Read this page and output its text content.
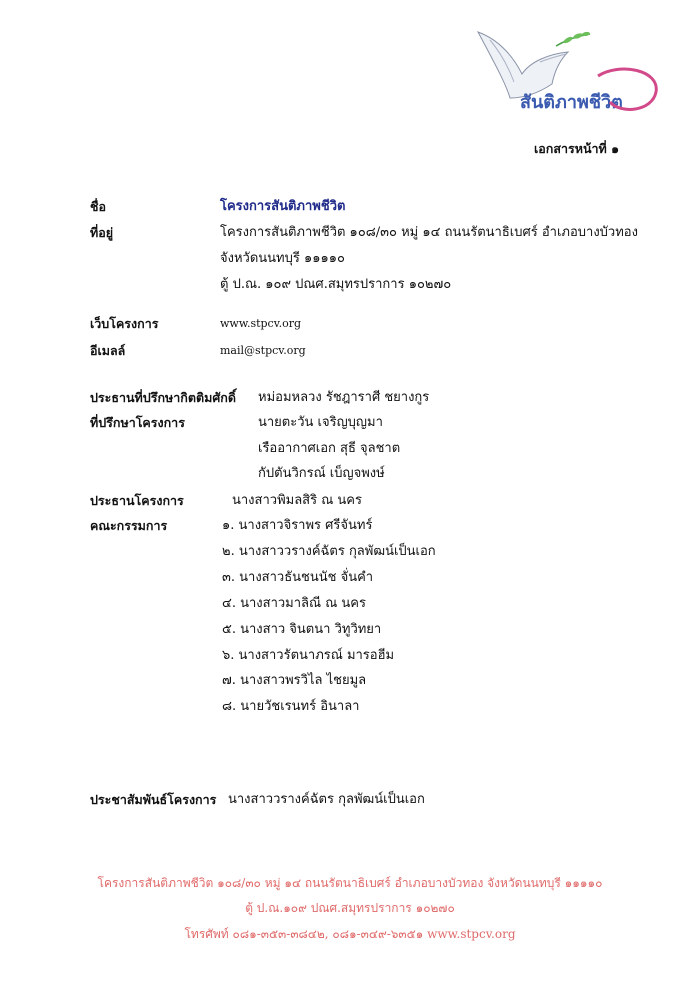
สันติภาพชีวิต
เอกสารหน้าที่ ๑
ชื่อ	โครงการสันติภาพชีวิต
ที่อยู่	โครงการสันติภาพชีวิต ๑๐๘/๓๐ หมู่ ๑๔ ถนนรัตนาธิเบศร์ อำเภอบางบัวทอง
จังหวัดนนทบุรี ๑๑๑๑๐
ตู้ ป.ณ. ๑๐๙ ปณศ.สมุทรปราการ ๑๐๒๗๐
เว็บโครงการ	www.stpcv.org
อีเมลล์	mail@stpcv.org
ประธานที่ปรึกษากิตติมศักดิ์ หม่อมหลวง รัชฎาราศี ชยางกูร
ที่ปรึกษาโครงการ	นายตะวัน เจริญบุญมา
เรืออากาศเอก สุธี จุลชาต
กัปตันวิกรณ์ เบ็ญจพงษ์
ประธานโครงการ	นางสาวพิมลสิริ ณ นคร
คณะกรรมการ	๑. นางสาวจิราพร ศรีจันทร์
๒. นางสาววรางค์ฉัตร กุลพัฒน์เป็นเอก
๓. นางสาวธันชนนัช จั่นคำ
๔. นางสาวมาลิณี ณ นคร
๕. นางสาว จินตนา วิทูวิทยา
๖. นางสาวรัตนาภรณ์ มารอฮีม
๗. นางสาวพรวิไล ไชยมูล
๘. นายวัชเรนทร์ อินาลา
ประชาสัมพันธ์โครงการ นางสาววรางค์ฉัตร กุลพัฒน์เป็นเอก
โครงการสันติภาพชีวิต ๑๐๘/๓๐ หมู่ ๑๔ ถนนรัตนาธิเบศร์ อำเภอบางบัวทอง จังหวัดนนทบุรี ๑๑๑๑๐
ตู้ ป.ณ.๑๐๙ ปณศ.สมุทรปราการ ๑๐๒๗๐
โทรศัพท์ ๐๘๑-๓๕๓-๓๘๔๒, ๐๘๑-๓๔๙-๖๓๕๑ www.stpcv.org
